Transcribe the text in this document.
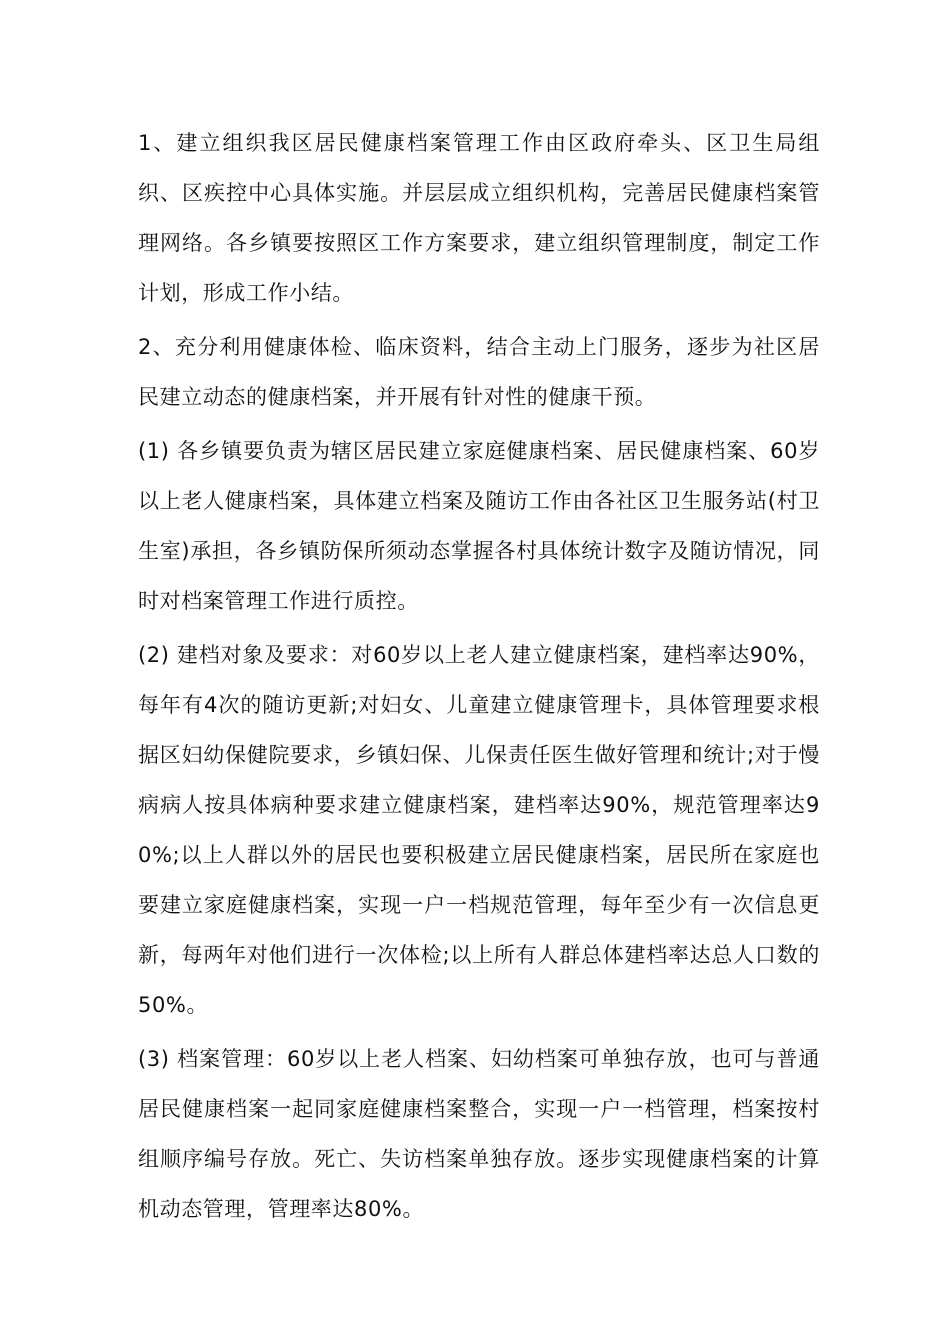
1、建立组织我区居民健康档案管理工作由区政府牵头、区卫生局组织、区疾控中心具体实施。并层层成立组织机构，完善居民健康档案管理网络。各乡镇要按照区工作方案要求，建立组织管理制度，制定工作计划，形成工作小结。

2、充分利用健康体检、临床资料，结合主动上门服务，逐步为社区居民建立动态的健康档案，并开展有针对性的健康干预。

(1) 各乡镇要负责为辖区居民建立家庭健康档案、居民健康档案、60岁以上老人健康档案，具体建立档案及随访工作由各社区卫生服务站(村卫生室)承担，各乡镇防保所须动态掌握各村具体统计数字及随访情况，同时对档案管理工作进行质控。

(2) 建档对象及要求：对60岁以上老人建立健康档案，建档率达90%，每年有4次的随访更新;对妇女、儿童建立健康管理卡，具体管理要求根据区妇幼保健院要求，乡镇妇保、儿保责任医生做好管理和统计;对于慢病病人按具体病种要求建立健康档案，建档率达90%，规范管理率达90%;以上人群以外的居民也要积极建立居民健康档案，居民所在家庭也要建立家庭健康档案，实现一户一档规范管理，每年至少有一次信息更新，每两年对他们进行一次体检;以上所有人群总体建档率达总人口数的50%。

(3) 档案管理：60岁以上老人档案、妇幼档案可单独存放，也可与普通居民健康档案一起同家庭健康档案整合，实现一户一档管理，档案按村组顺序编号存放。死亡、失访档案单独存放。逐步实现健康档案的计算机动态管理，管理率达80%。
